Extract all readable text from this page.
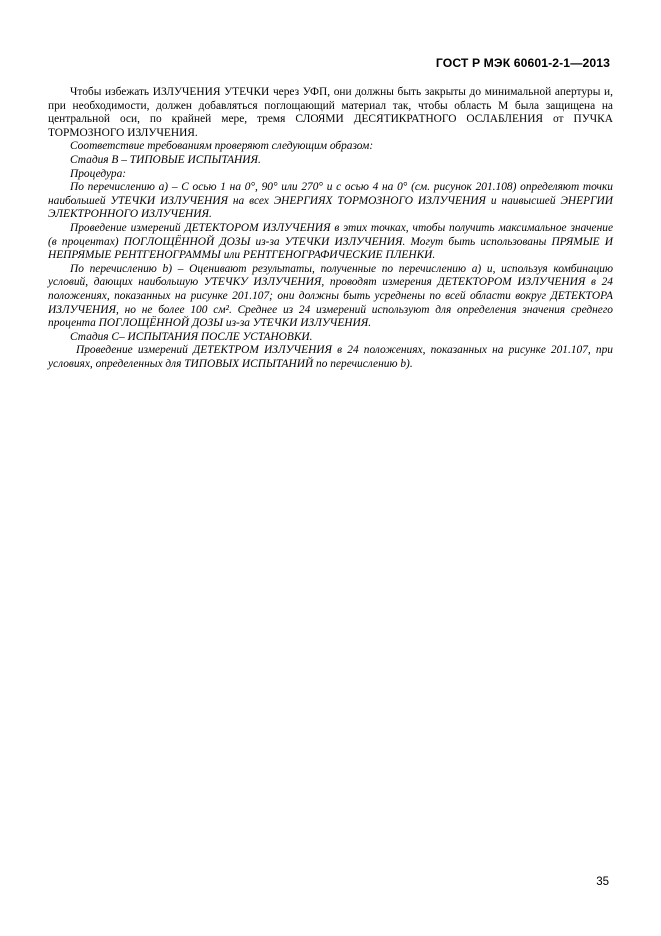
ГОСТ Р МЭК 60601-2-1—2013

Чтобы избежать ИЗЛУЧЕНИЯ УТЕЧКИ через УФП, они должны быть закрыты до минимальной апертуры и, при необходимости, должен добавляться поглощающий материал так, чтобы область M была защищена на центральной оси, по крайней мере, тремя СЛОЯМИ ДЕСЯТИКРАТНОГО ОСЛАБЛЕНИЯ от ПУЧКА ТОРМОЗНОГО ИЗЛУЧЕНИЯ.

Соответствие требованиям проверяют следующим образом:

Стадия B – ТИПОВЫЕ ИСПЫТАНИЯ.

Процедура:

По перечислению a) – С осью 1 на 0°, 90° или 270° и с осью 4 на 0° (см. рисунок 201.108) определяют точки наибольшей УТЕЧКИ ИЗЛУЧЕНИЯ на всех ЭНЕРГИЯХ ТОРМОЗНОГО ИЗЛУЧЕНИЯ и наивысшей ЭНЕРГИИ ЭЛЕКТРОННОГО ИЗЛУЧЕНИЯ.

Проведение измерений ДЕТЕКТОРОМ ИЗЛУЧЕНИЯ в этих точках, чтобы получить максимальное значение (в процентах) ПОГЛОЩЁННОЙ ДОЗЫ из-за УТЕЧКИ ИЗЛУЧЕНИЯ. Могут быть использованы ПРЯМЫЕ И НЕПРЯМЫЕ РЕНТГЕНОГРАММЫ или РЕНТГЕНОГРАФИЧЕСКИЕ ПЛЕНКИ.

По перечислению b) – Оценивают результаты, полученные по перечислению a) и, используя комбинацию условий, дающих наибольшую УТЕЧКУ ИЗЛУЧЕНИЯ, проводят измерения ДЕТЕКТОРОМ ИЗЛУЧЕНИЯ в 24 положениях, показанных на рисунке 201.107; они должны быть усреднены по всей области вокруг ДЕТЕКТОРА ИЗЛУЧЕНИЯ, но не более 100 см². Среднее из 24 измерений используют для определения значения среднего процента ПОГЛОЩЁННОЙ ДОЗЫ из-за УТЕЧКИ ИЗЛУЧЕНИЯ.

Стадия C– ИСПЫТАНИЯ ПОСЛЕ УСТАНОВКИ.

Проведение измерений ДЕТЕКТРОМ ИЗЛУЧЕНИЯ в 24 положениях, показанных на рисунке 201.107, при условиях, определенных для ТИПОВЫХ ИСПЫТАНИЙ по перечислению b).

35
